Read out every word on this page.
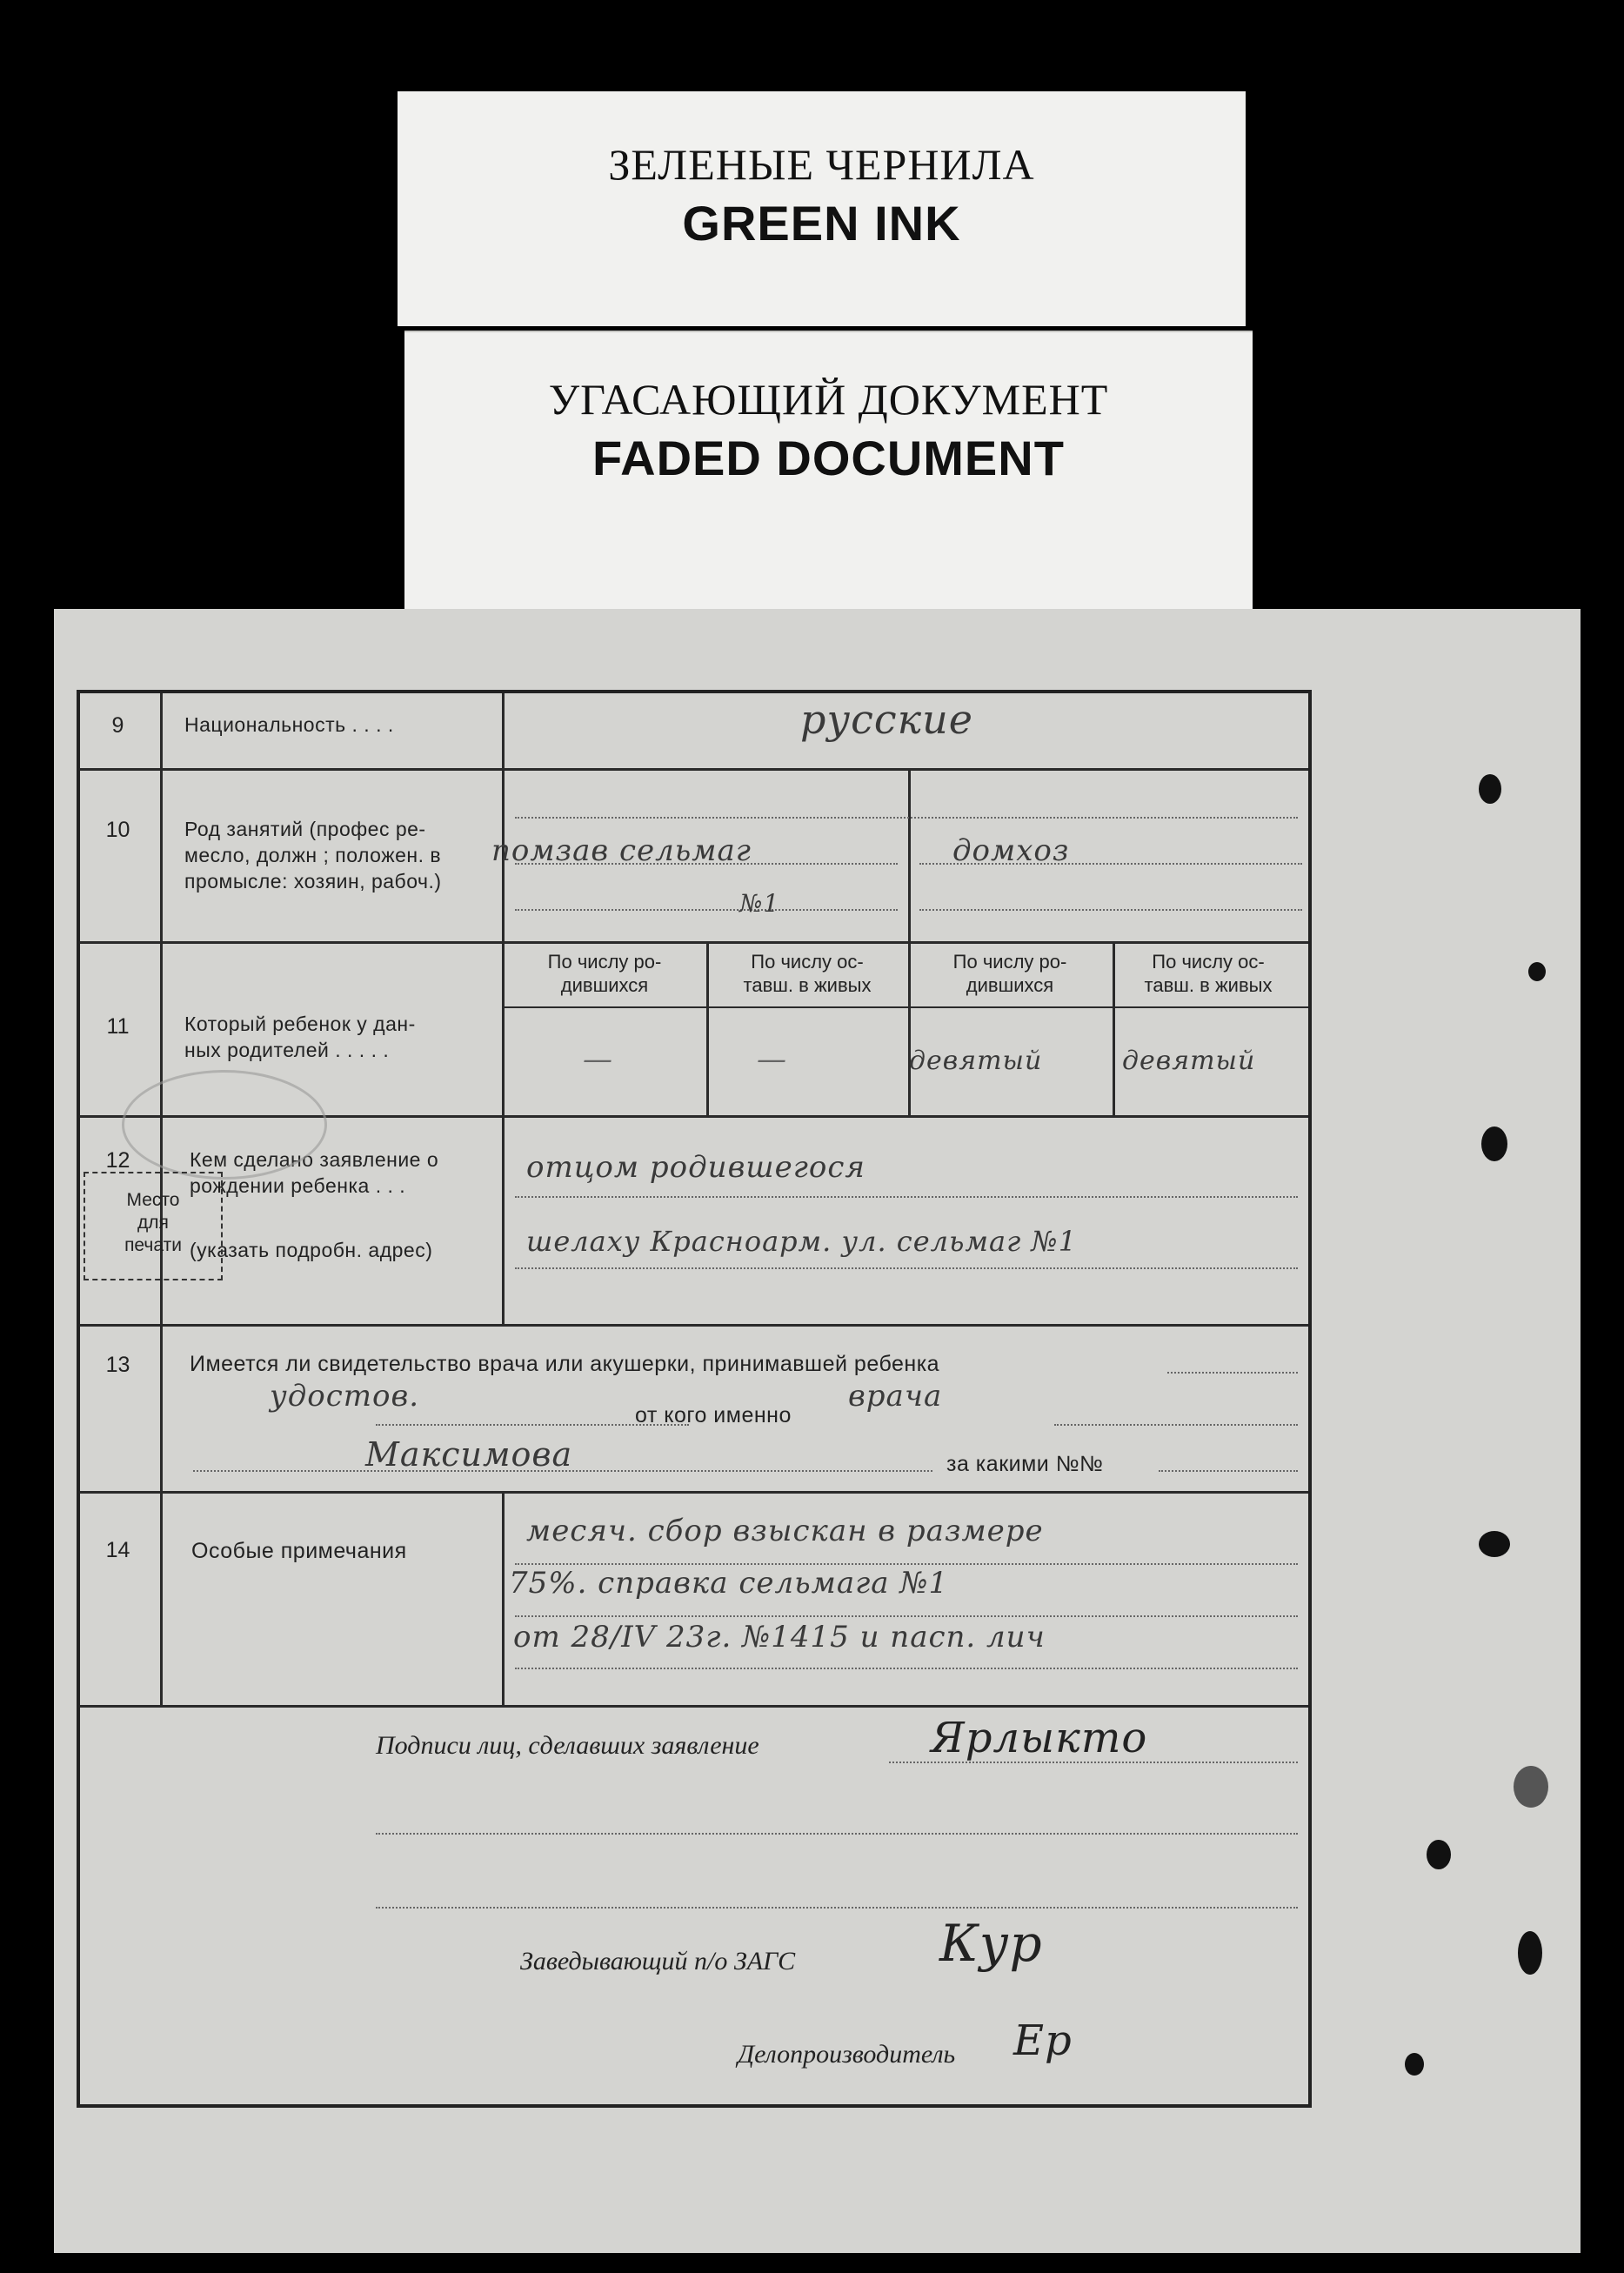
ЗЕЛЕНЫЕ ЧЕРНИЛА
GREEN INK
УГАСАЮЩИЙ ДОКУМЕНТ
FADED DOCUMENT
9	Национальность . . . .	русские
10	Род занятий (профес ре-
месло, должн ; положен. в
промысле: хозяин, рабоч.)
помзав сельмаг
№1
домхоз
11	Который ребенок у дан-
ных родителей . . . . .
По числу ро-
дившихся
По числу ос-
тавш. в живых
По числу ро-
дившихся
По числу ос-
тавш. в живых
—	—	девятый	девятый
12	Кем сделано заявление о
рождении ребенка . . .
(указать подробн. адрес)
отцом родившегося
шелаху Красноарм. ул. сельмаг №1
13	Имеется ли свидетельство врача или акушерки, принимавшей ребенка
удостов.
от кого именно
врача
Максимова	за какими №№
14	Особые примечания
месяч. сбор взыскан в размере
75%. справка сельмага №1
от 28/IV 23г. №1415 и пасп. лич
Подписи лиц, сделавших заявление	Ярлыкто
Место
для
печати
Заведывающий п/о ЗАГС	Кур
Делопроизводитель Ер
